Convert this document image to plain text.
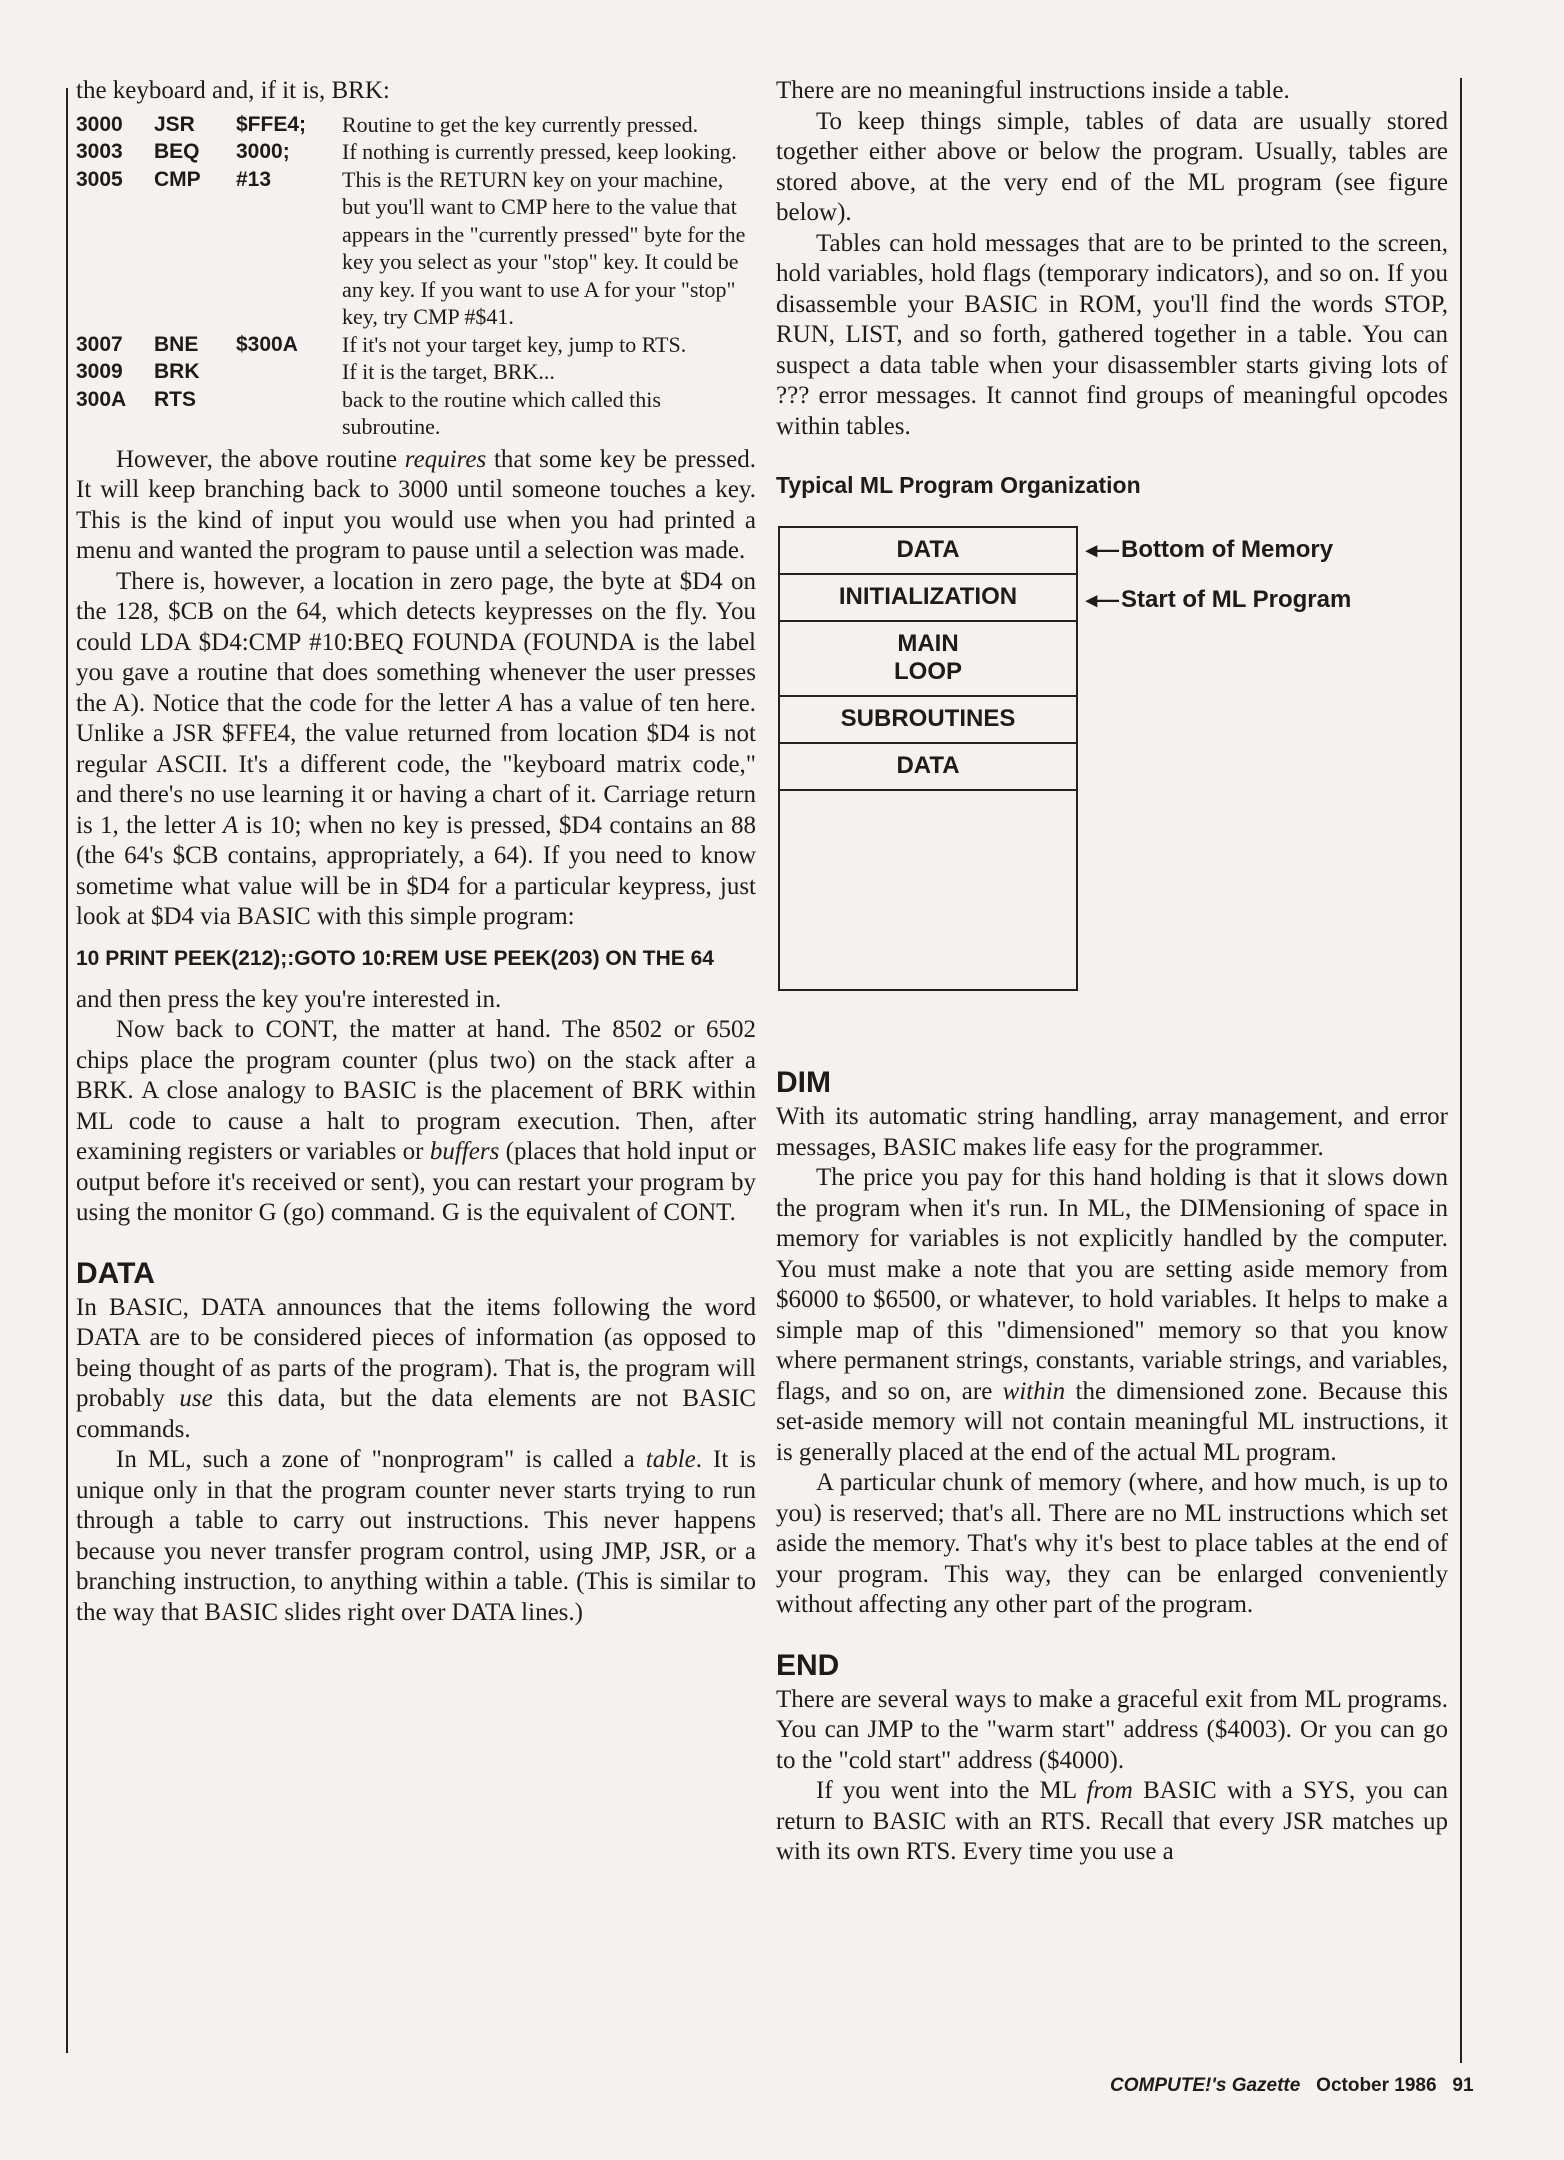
the keyboard and, if it is, BRK:

3000	JSR	$FFE4;	Routine to get the key currently pressed.
3003	BEQ	3000;	If nothing is currently pressed, keep looking.
3005	CMP	#13	This is the RETURN key on your machine, but you'll want to CMP here to the value that appears in the "currently pressed" byte for the key you select as your "stop" key. It could be any key. If you want to use A for your "stop" key, try CMP #$41.
3007	BNE	$300A	If it's not your target key, jump to RTS.
3009	BRK		If it is the target, BRK...
300A	RTS		back to the routine which called this subroutine.

However, the above routine requires that some key be pressed. It will keep branching back to 3000 until someone touches a key. This is the kind of input you would use when you had printed a menu and wanted the program to pause until a selection was made.

There is, however, a location in zero page, the byte at $D4 on the 128, $CB on the 64, which detects keypresses on the fly. You could LDA $D4:CMP #10:BEQ FOUNDA (FOUNDA is the label you gave a routine that does something whenever the user presses the A). Notice that the code for the letter A has a value of ten here. Unlike a JSR $FFE4, the value returned from location $D4 is not regular ASCII. It's a different code, the "keyboard matrix code," and there's no use learning it or having a chart of it. Carriage return is 1, the letter A is 10; when no key is pressed, $D4 contains an 88 (the 64's $CB contains, appropriately, a 64). If you need to know sometime what value will be in $D4 for a particular keypress, just look at $D4 via BASIC with this simple program:

10 PRINT PEEK(212);:GOTO 10:REM USE PEEK(203) ON THE 64

and then press the key you're interested in.

Now back to CONT, the matter at hand. The 8502 or 6502 chips place the program counter (plus two) on the stack after a BRK. A close analogy to BASIC is the placement of BRK within ML code to cause a halt to program execution. Then, after examining registers or variables or buffers (places that hold input or output before it's received or sent), you can restart your program by using the monitor G (go) command. G is the equivalent of CONT.

DATA

In BASIC, DATA announces that the items following the word DATA are to be considered pieces of information (as opposed to being thought of as parts of the program). That is, the program will probably use this data, but the data elements are not BASIC commands.

In ML, such a zone of "nonprogram" is called a table. It is unique only in that the program counter never starts trying to run through a table to carry out instructions. This never happens because you never transfer program control, using JMP, JSR, or a branching instruction, to anything within a table. (This is similar to the way that BASIC slides right over DATA lines.)

There are no meaningful instructions inside a table.

To keep things simple, tables of data are usually stored together either above or below the program. Usually, tables are stored above, at the very end of the ML program (see figure below).

Tables can hold messages that are to be printed to the screen, hold variables, hold flags (temporary indicators), and so on. If you disassemble your BASIC in ROM, you'll find the words STOP, RUN, LIST, and so forth, gathered together in a table. You can suspect a data table when your disassembler starts giving lots of ??? error messages. It cannot find groups of meaningful opcodes within tables.

Typical ML Program Organization
DATA
INITIALIZATION
MAIN LOOP
SUBROUTINES
DATA
◂—Bottom of Memory
◂—Start of ML Program
DIM

With its automatic string handling, array management, and error messages, BASIC makes life easy for the programmer.

The price you pay for this hand holding is that it slows down the program when it's run. In ML, the DIMensioning of space in memory for variables is not explicitly handled by the computer. You must make a note that you are setting aside memory from $6000 to $6500, or whatever, to hold variables. It helps to make a simple map of this "dimensioned" memory so that you know where permanent strings, constants, variable strings, and variables, flags, and so on, are within the dimensioned zone. Because this set-aside memory will not contain meaningful ML instructions, it is generally placed at the end of the actual ML program.

A particular chunk of memory (where, and how much, is up to you) is reserved; that's all. There are no ML instructions which set aside the memory. That's why it's best to place tables at the end of your program. This way, they can be enlarged conveniently without affecting any other part of the program.

END

There are several ways to make a graceful exit from ML programs. You can JMP to the "warm start" address ($4003). Or you can go to the "cold start" address ($4000).

If you went into the ML from BASIC with a SYS, you can return to BASIC with an RTS. Recall that every JSR matches up with its own RTS. Every time you use a

COMPUTE!'s Gazette October 1986 91
